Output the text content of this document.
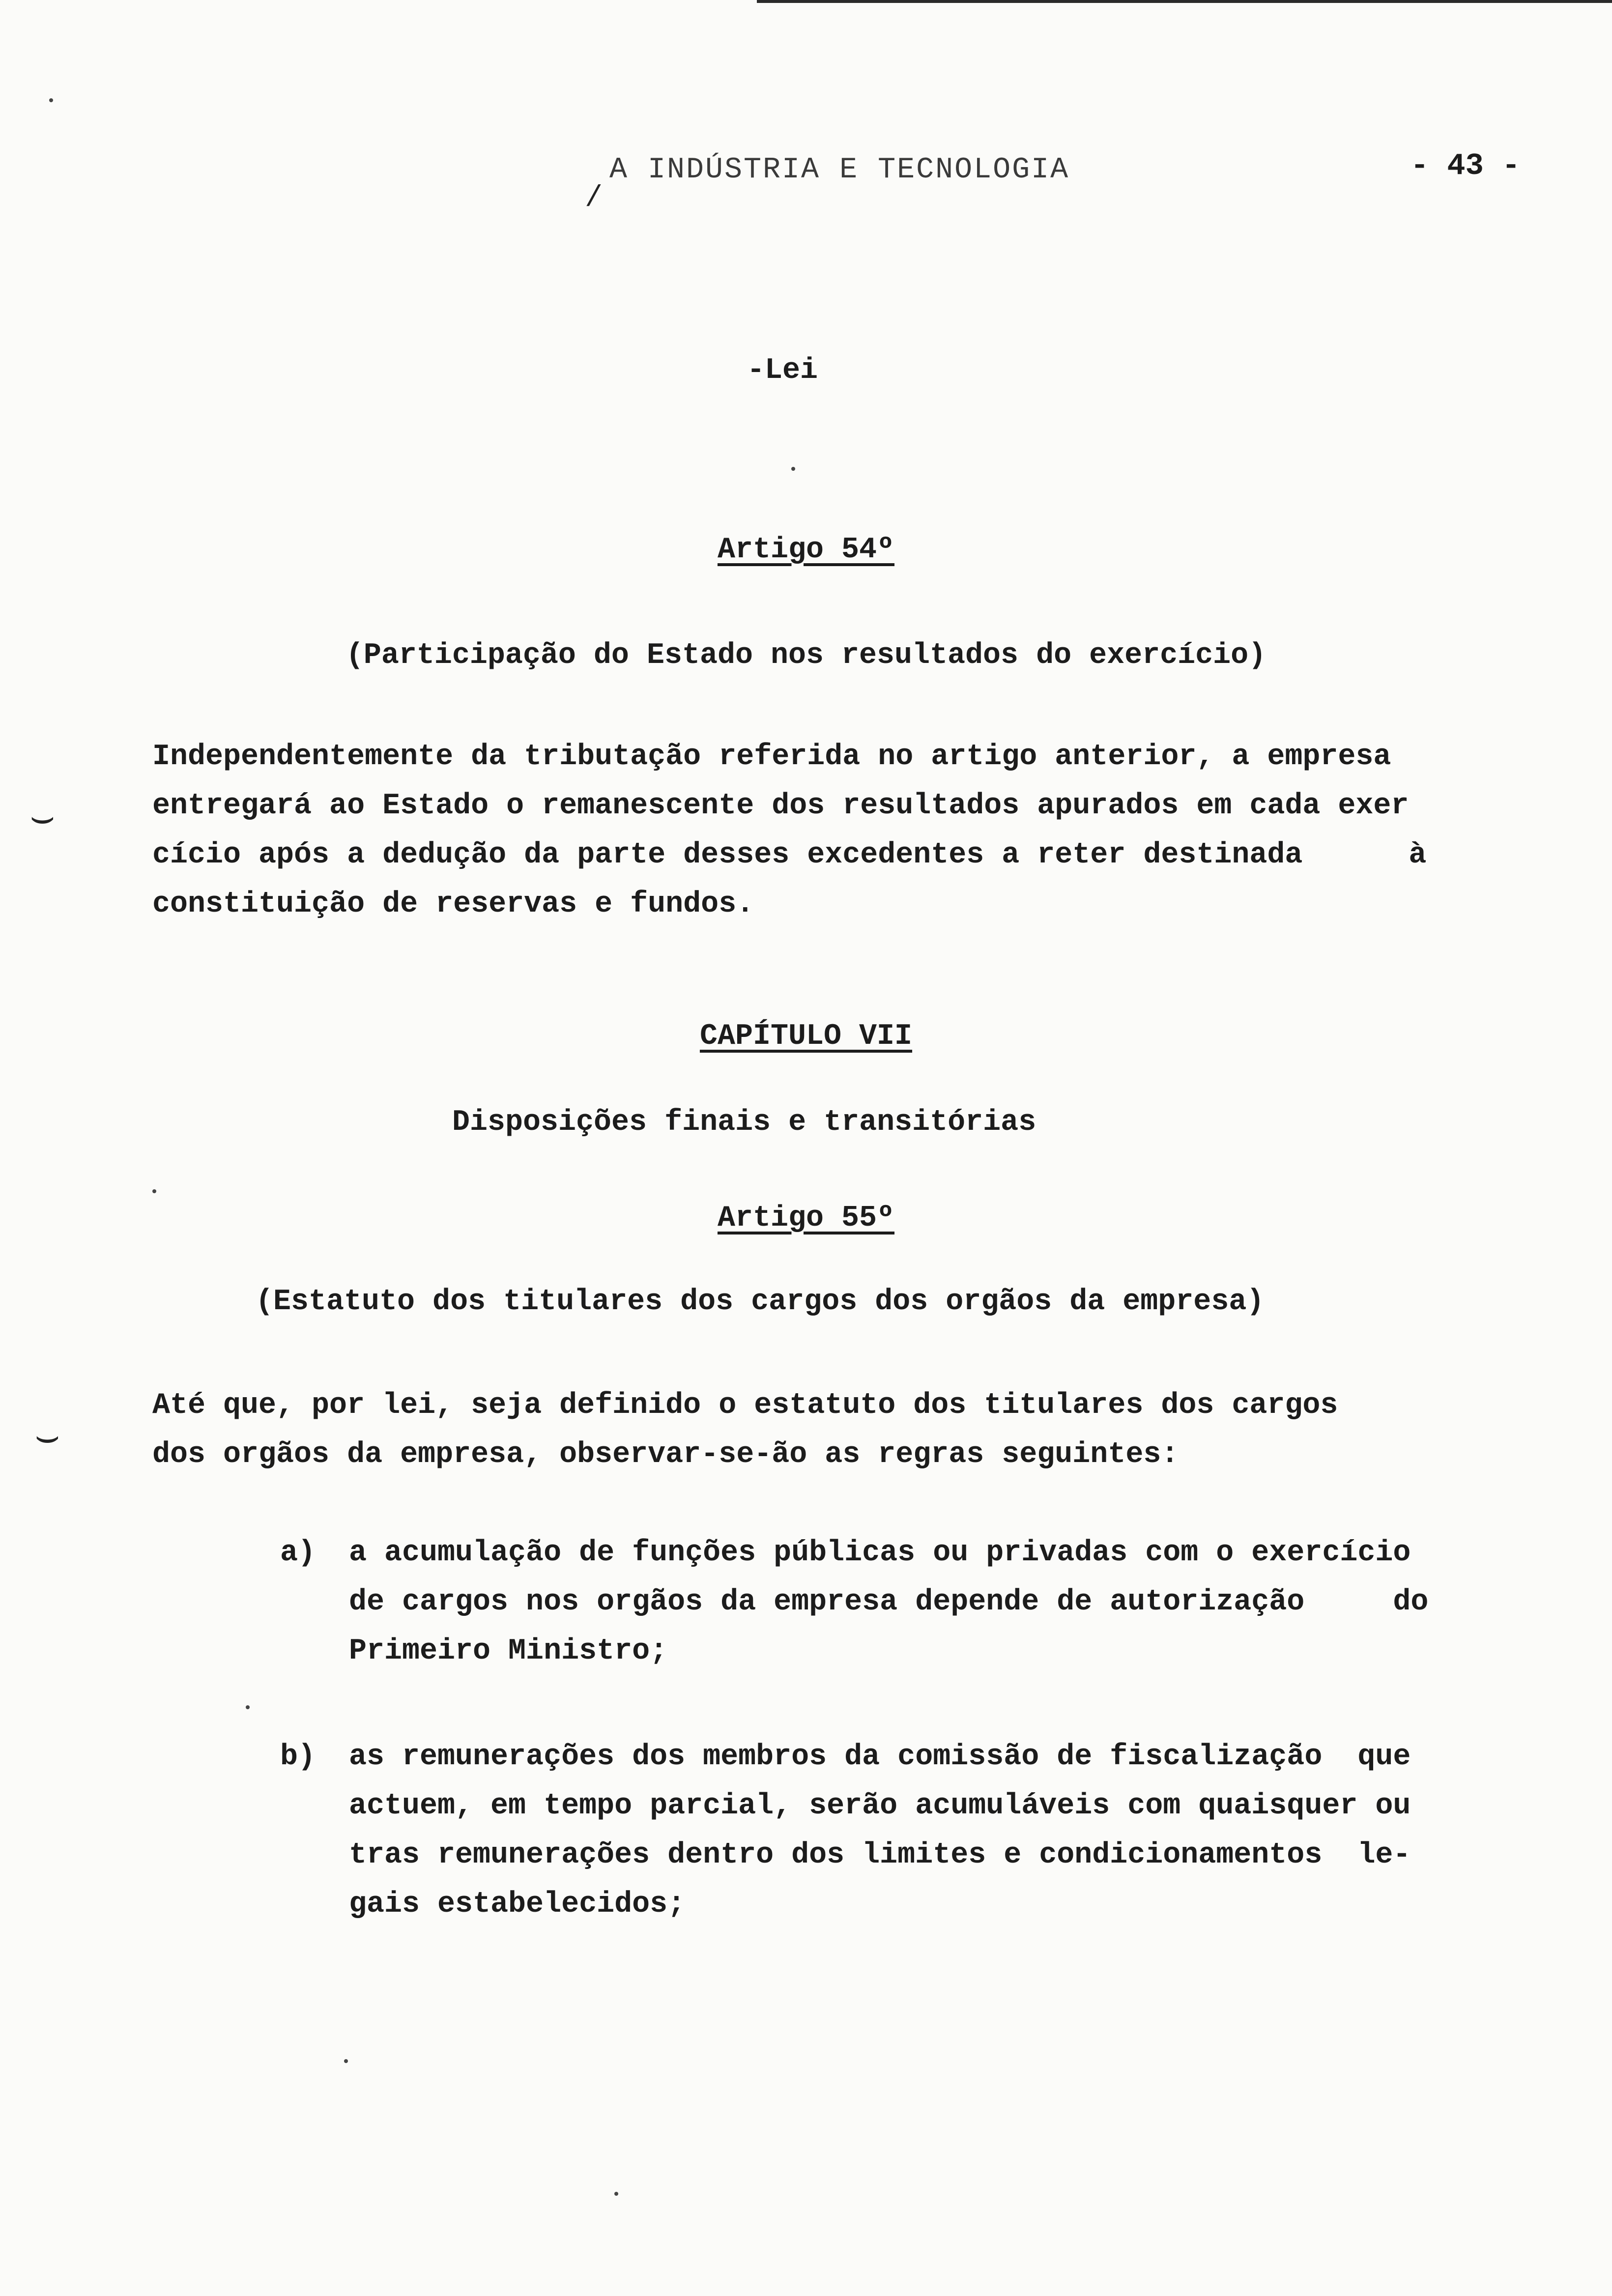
A INDÚSTRIA E TECNOLOGIA	- 43 -
-Lei
Artigo 54º
(Participação do Estado nos resultados do exercício)
Independentemente da tributação referida no artigo anterior, a empresa
entregará ao Estado o remanescente dos resultados apurados em cada exer
cício após a dedução da parte desses excedentes a reter destinada      à
constituição de reservas e fundos.
CAPÍTULO VII
Disposições finais e transitórias
Artigo 55º
(Estatuto dos titulares dos cargos dos orgãos da empresa)
Até que, por lei, seja definido o estatuto dos titulares dos cargos
dos orgãos da empresa, observar-se-ão as regras seguintes:
a) a acumulação de funções públicas ou privadas com o exercício
de cargos nos orgãos da empresa depende de autorização     do
Primeiro Ministro;
b) as remunerações dos membros da comissão de fiscalização  que
actuem, em tempo parcial, serão acumuláveis com quaisquer ou
tras remunerações dentro dos limites e condicionamentos  le-
gais estabelecidos;
⌣
⌣
/
